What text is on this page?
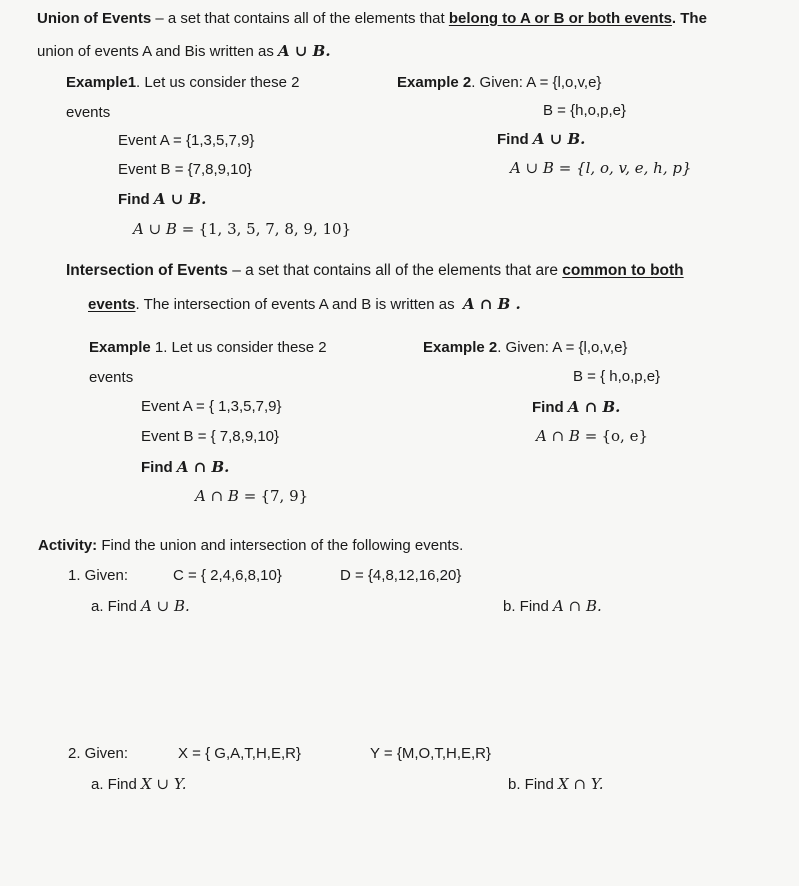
Union of Events – a set that contains all of the elements that belong to A or B or both events. The
union of events A and Bis written as A ∪ B.
Example1. Let us consider these 2
events
Event A = {1,3,5,7,9}
Event B = {7,8,9,10}
Find A ∪ B.
A ∪ B = {1, 3, 5, 7, 8, 9, 10}
Example 2. Given: A = {l,o,v,e}
B = {h,o,p,e}
Find A ∪ B.
A ∪ B = {l, o, v, e, h, p}
Intersection of Events – a set that contains all of the elements that are common to both
events. The intersection of events A and B is written as A ∩ B .
Example 1. Let us consider these 2
events
Event A = { 1,3,5,7,9}
Event B = { 7,8,9,10}
Find A ∩ B.
A ∩ B = {7, 9}
Example 2. Given: A = {l,o,v,e}
B = { h,o,p,e}
Find A ∩ B.
A ∩ B = {o, e}
Activity: Find the union and intersection of the following events.
1. Given:	C = { 2,4,6,8,10}	D = {4,8,12,16,20}
a. Find A ∪ B.	b. Find A ∩ B.
2. Given:	X = { G,A,T,H,E,R}	Y = {M,O,T,H,E,R}
a. Find X ∪ Y.	b. Find X ∩ Y.
